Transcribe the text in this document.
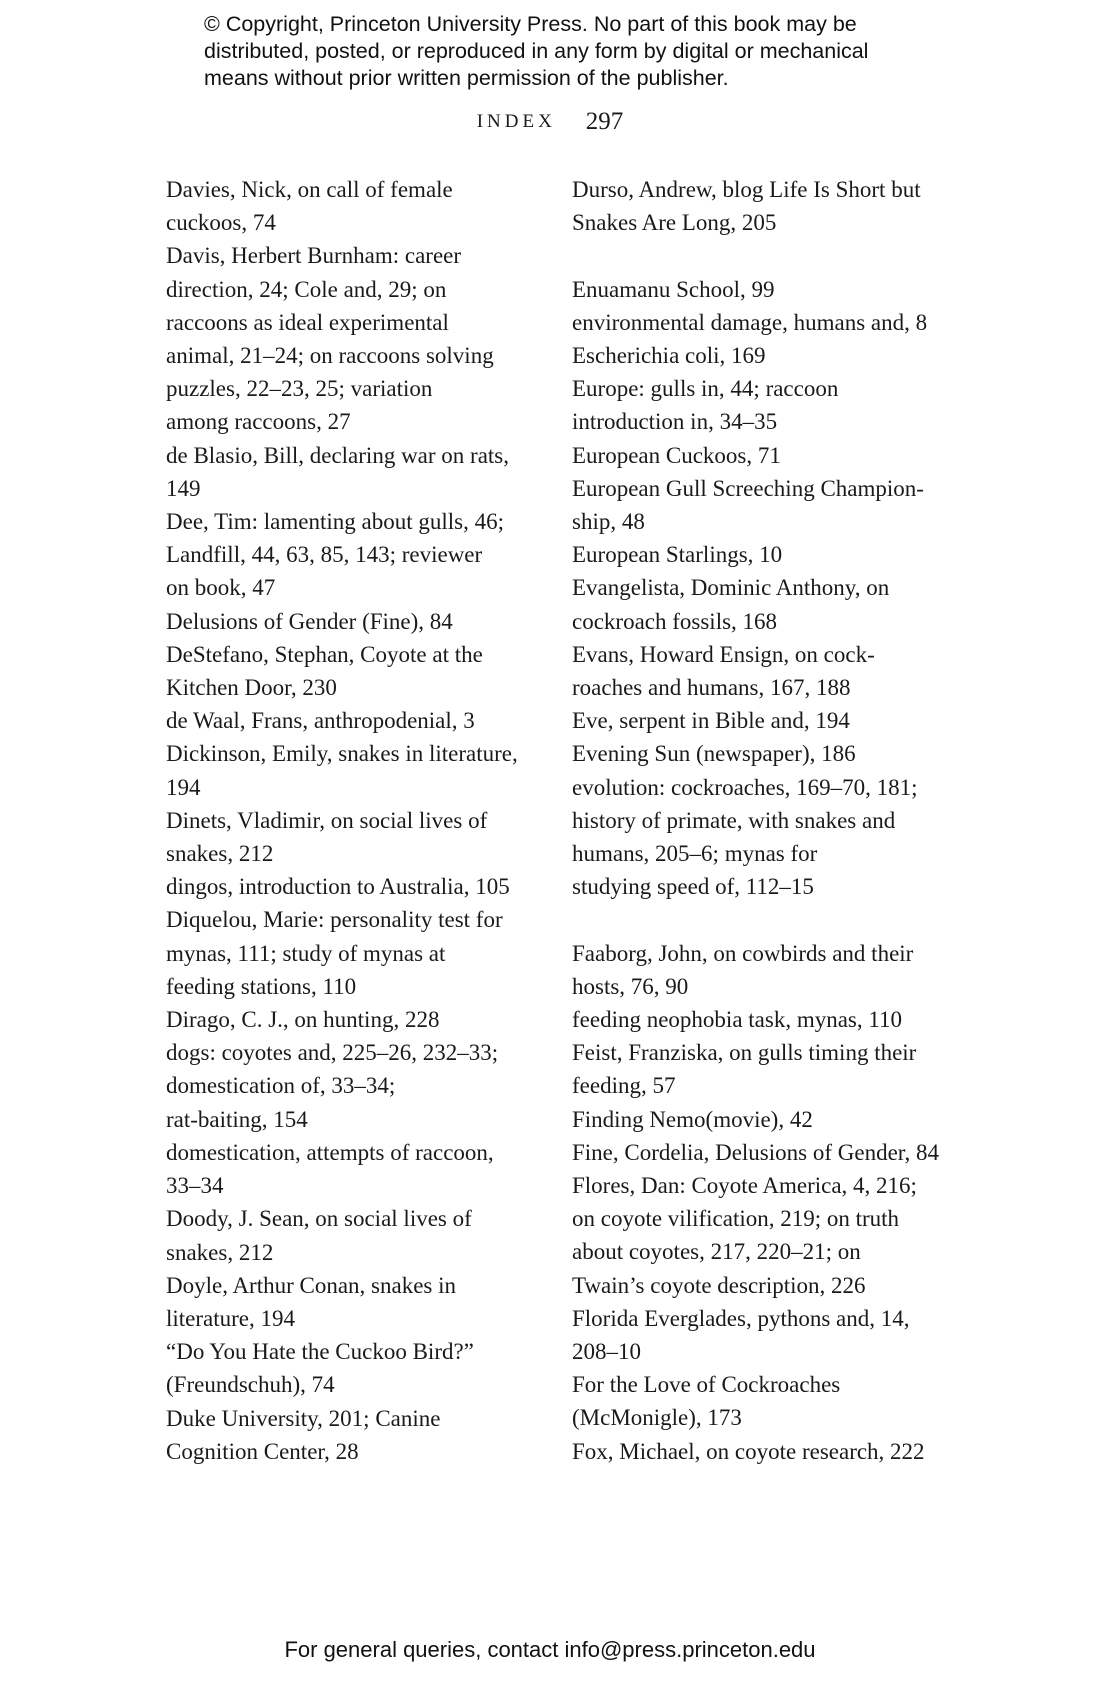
© Copyright, Princeton University Press. No part of this book may be
distributed, posted, or reproduced in any form by digital or mechanical
means without prior written permission of the publisher.
INDEX 297
Davies, Nick, on call of female
cuckoos, 74
Davis, Herbert Burnham: career
direction, 24; Cole and, 29; on
raccoons as ideal experimental
animal, 21–24; on raccoons solving
puzzles, 22–23, 25; variation
among raccoons, 27
de Blasio, Bill, declaring war on rats,
149
Dee, Tim: lamenting about gulls, 46;
Landfill, 44, 63, 85, 143; reviewer
on book, 47
Delusions of Gender (Fine), 84
DeStefano, Stephan, Coyote at the
Kitchen Door, 230
de Waal, Frans, anthropodenial, 3
Dickinson, Emily, snakes in literature,
194
Dinets, Vladimir, on social lives of
snakes, 212
dingos, introduction to Australia, 105
Diquelou, Marie: personality test for
mynas, 111; study of mynas at
feeding stations, 110
Dirago, C. J., on hunting, 228
dogs: coyotes and, 225–26, 232–33;
domestication of, 33–34;
rat-baiting, 154
domestication, attempts of raccoon,
33–34
Doody, J. Sean, on social lives of
snakes, 212
Doyle, Arthur Conan, snakes in
literature, 194
“Do You Hate the Cuckoo Bird?”
(Freundschuh), 74
Duke University, 201; Canine
Cognition Center, 28
Durso, Andrew, blog Life Is Short but
Snakes Are Long, 205
Enuamanu School, 99
environmental damage, humans and, 8
Escherichia coli, 169
Europe: gulls in, 44; raccoon
introduction in, 34–35
European Cuckoos, 71
European Gull Screeching Champion-
ship, 48
European Starlings, 10
Evangelista, Dominic Anthony, on
cockroach fossils, 168
Evans, Howard Ensign, on cock-
roaches and humans, 167, 188
Eve, serpent in Bible and, 194
Evening Sun (newspaper), 186
evolution: cockroaches, 169–70, 181;
history of primate, with snakes and
humans, 205–6; mynas for
studying speed of, 112–15
Faaborg, John, on cowbirds and their
hosts, 76, 90
feeding neophobia task, mynas, 110
Feist, Franziska, on gulls timing their
feeding, 57
Finding Nemo(movie), 42
Fine, Cordelia, Delusions of Gender, 84
Flores, Dan: Coyote America, 4, 216;
on coyote vilification, 219; on truth
about coyotes, 217, 220–21; on
Twain’s coyote description, 226
Florida Everglades, pythons and, 14,
208–10
For the Love of Cockroaches
(McMonigle), 173
Fox, Michael, on coyote research, 222
For general queries, contact info@press.princeton.edu
